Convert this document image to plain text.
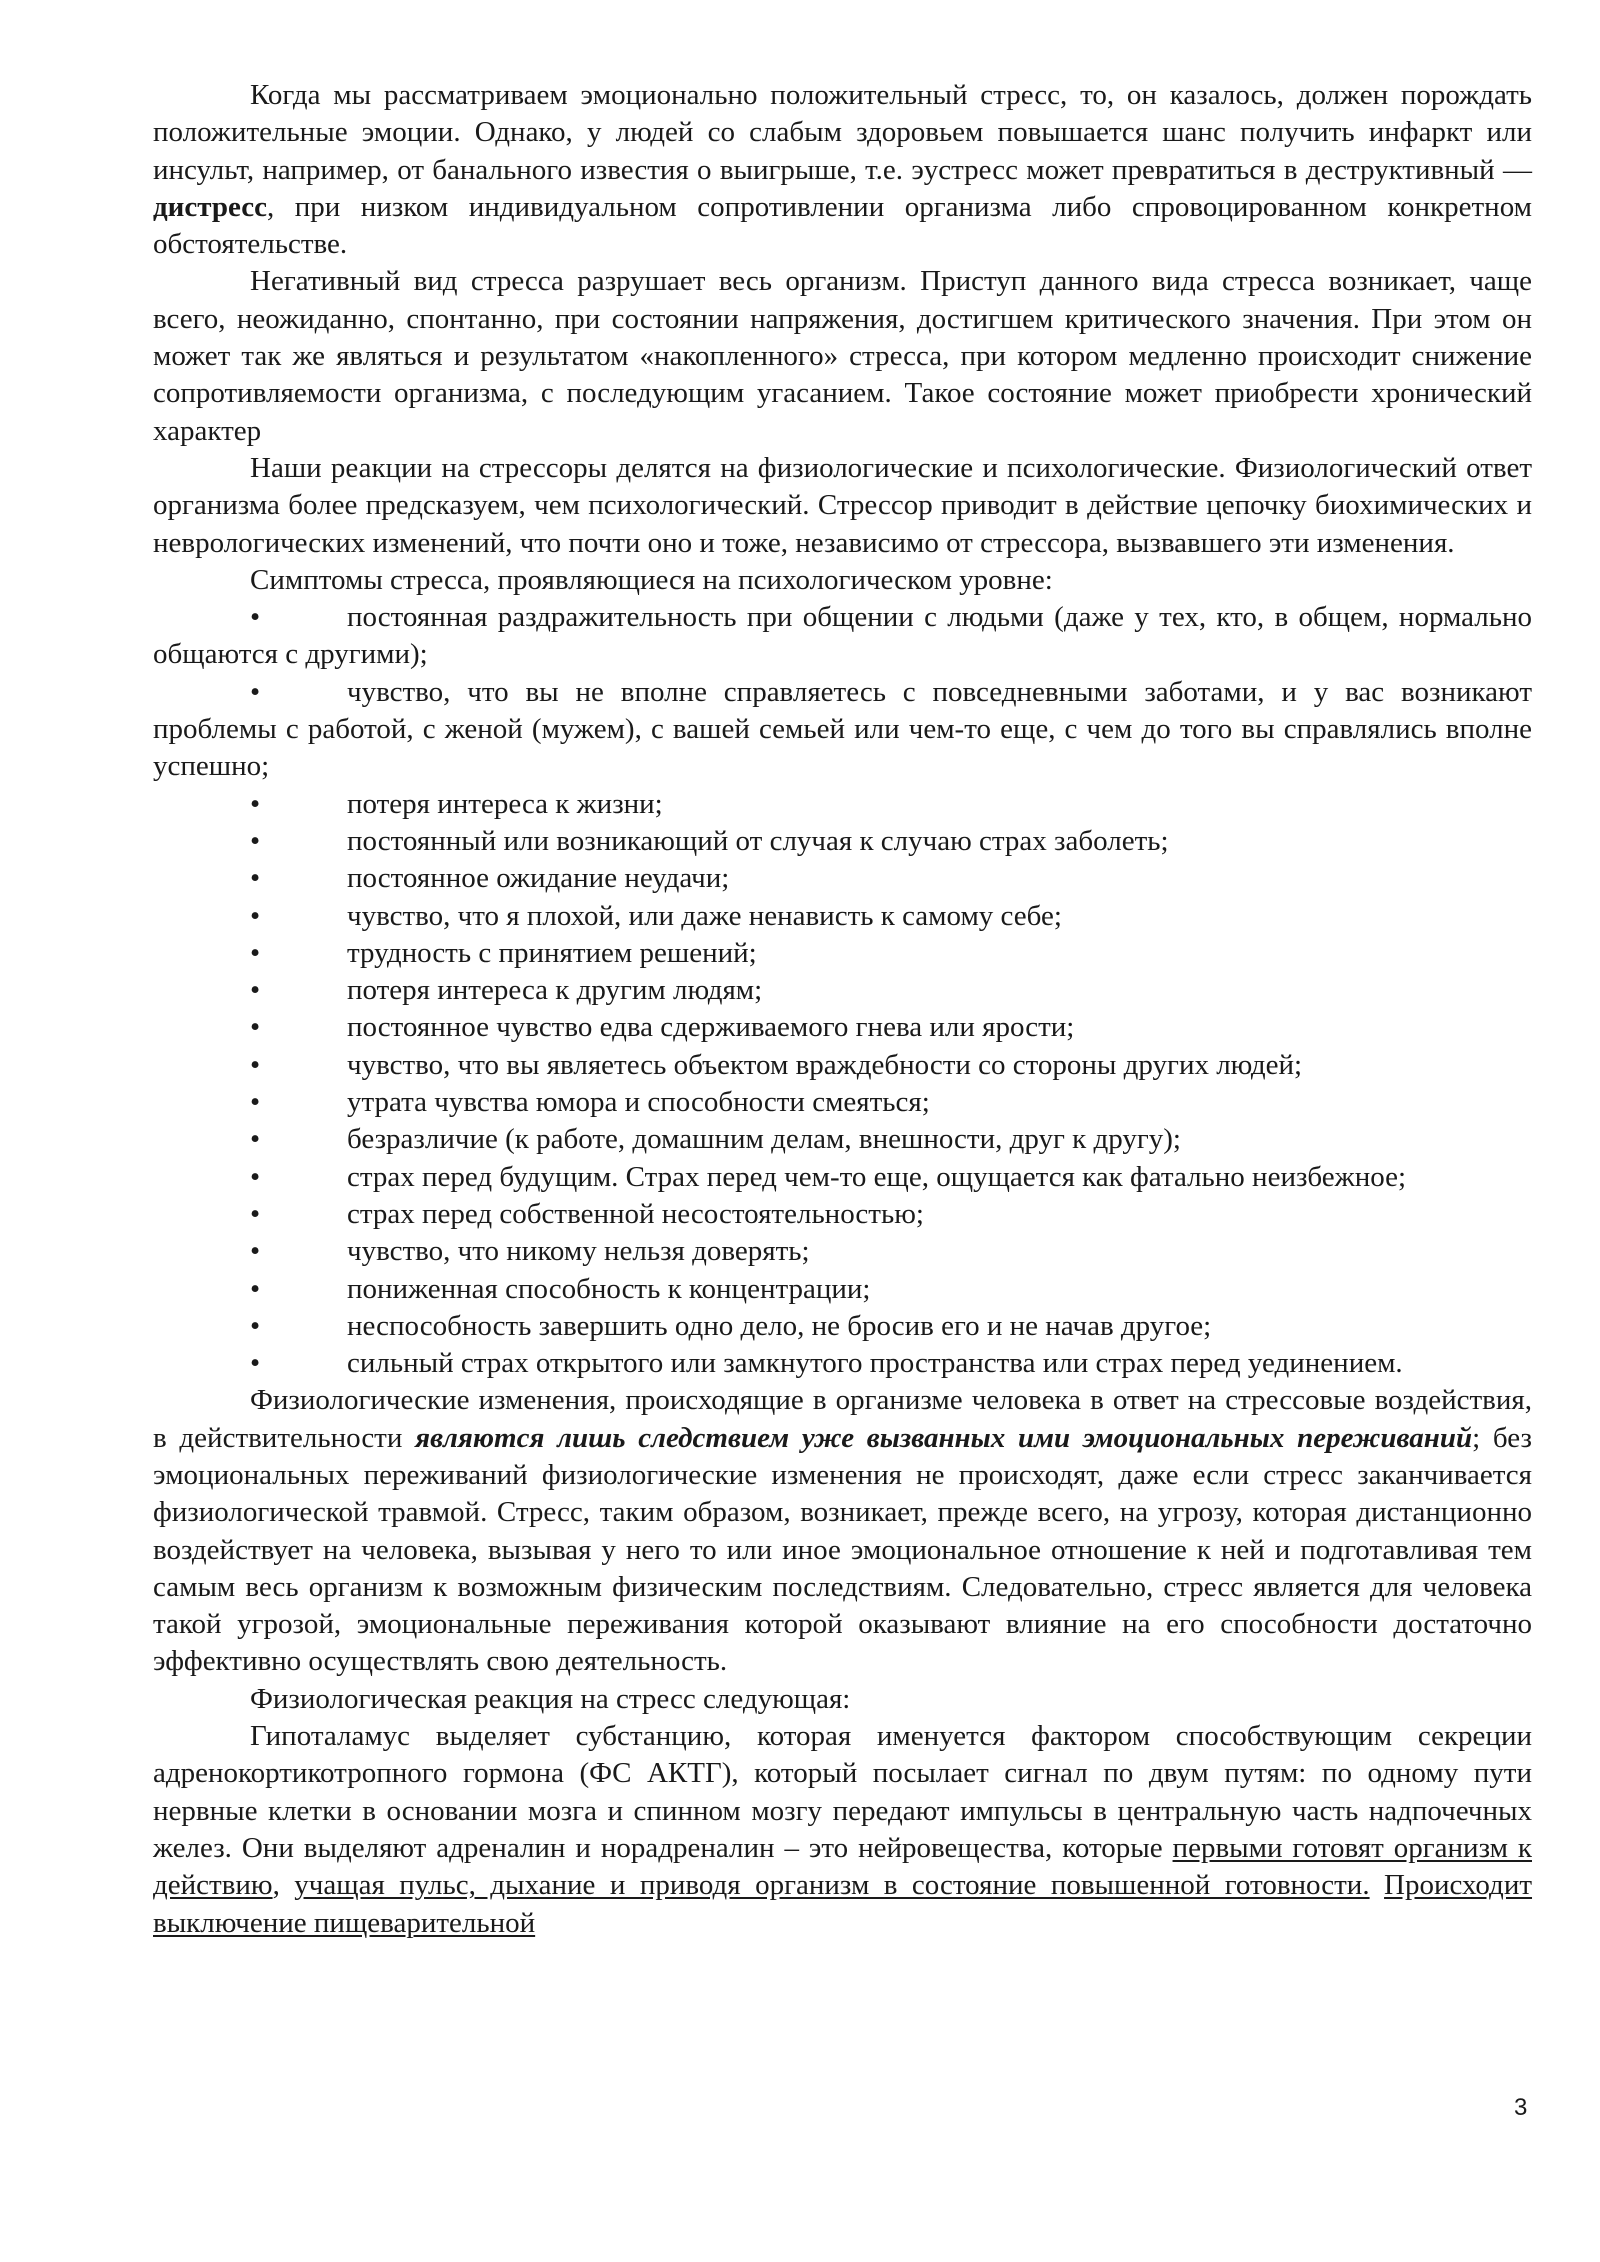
Когда мы рассматриваем эмоционально положительный стресс, то, он казалось, должен порождать положительные эмоции. Однако, у людей со слабым здоровьем повышается шанс получить инфаркт или инсульт, например, от банального известия о выигрыше, т.е. эустресс может превратиться в деструктивный — дистресс, при низком индивидуальном сопротивлении организма либо спровоцированном конкретном обстоятельстве.

Негативный вид стресса разрушает весь организм. Приступ данного вида стресса возникает, чаще всего, неожиданно, спонтанно, при состоянии напряжения, достигшем критического значения. При этом он может так же являться и результатом «накопленного» стресса, при котором медленно происходит снижение сопротивляемости организма, с последующим угасанием. Такое состояние может приобрести хронический характер

Наши реакции на стрессоры делятся на физиологические и психологические. Физиологический ответ организма более предсказуем, чем психологический. Стрессор приводит в действие цепочку биохимических и неврологических изменений, что почти оно и тоже, независимо от стрессора, вызвавшего эти изменения.

Симптомы стресса, проявляющиеся на психологическом уровне:

•	постоянная раздражительность при общении с людьми (даже у тех, кто, в общем, нормально общаются с другими);

•	чувство, что вы не вполне справляетесь с повседневными заботами, и у вас возникают проблемы с работой, с женой (мужем), с вашей семьей или чем-то еще, с чем до того вы справлялись вполне успешно;

•	потеря интереса к жизни;

•	постоянный или возникающий от случая к случаю страх заболеть;

•	постоянное ожидание неудачи;

•	чувство, что я плохой, или даже ненависть к самому себе;

•	трудность с принятием решений;

•	потеря интереса к другим людям;

•	постоянное чувство едва сдерживаемого гнева или ярости;

•	чувство, что вы являетесь объектом враждебности со стороны других людей;

•	утрата чувства юмора и способности смеяться;

•	безразличие (к работе, домашним делам, внешности, друг к другу);

•	страх перед будущим. Страх перед чем-то еще, ощущается как фатально неизбежное;

•	страх перед собственной несостоятельностью;

•	чувство, что никому нельзя доверять;

•	пониженная способность к концентрации;

•	неспособность завершить одно дело, не бросив его и не начав другое;

•	сильный страх открытого или замкнутого пространства или страх перед уединением.

Физиологические изменения, происходящие в организме человека в ответ на стрессовые воздействия, в действительности являются лишь следствием уже вызванных ими эмоциональных переживаний; без эмоциональных переживаний физиологические изменения не происходят, даже если стресс заканчивается физиологической травмой. Стресс, таким образом, возникает, прежде всего, на угрозу, которая дистанционно воздействует на человека, вызывая у него то или иное эмоциональное отношение к ней и подготавливая тем самым весь организм к возможным физическим последствиям. Следовательно, стресс является для человека такой угрозой, эмоциональные переживания которой оказывают влияние на его способности достаточно эффективно осуществлять свою деятельность.

Физиологическая реакция на стресс следующая:

Гипоталамус выделяет субстанцию, которая именуется фактором способствующим секреции адренокортикотропного гормона (ФС АКТГ), который посылает сигнал по двум путям: по одному пути нервные клетки в основании мозга и спинном мозгу передают импульсы в центральную часть надпочечных желез. Они выделяют адреналин и норадреналин – это нейровещества, которые первыми готовят организм к действию, учащая пульс, дыхание и приводя организм в состояние повышенной готовности. Происходит выключение пищеварительной

3
